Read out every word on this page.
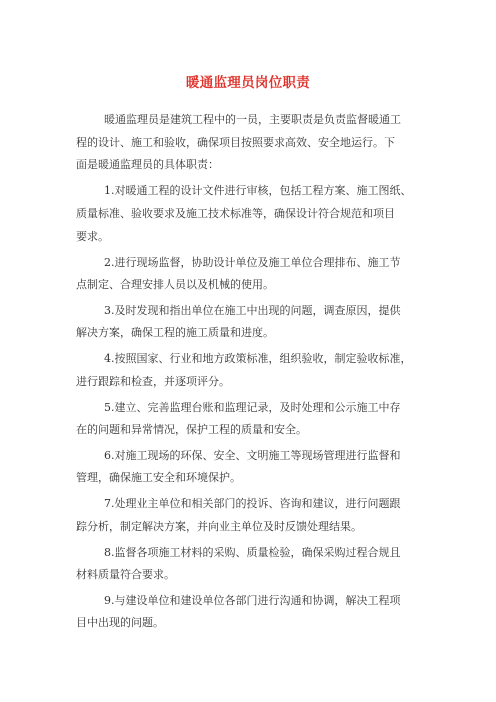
暖通监理员岗位职责
暖通监理员是建筑工程中的一员，主要职责是负责监督暖通工
程的设计、施工和验收，确保项目按照要求高效、安全地运行。下
面是暖通监理员的具体职责：
1.对暖通工程的设计文件进行审核，包括工程方案、施工图纸、
质量标准、验收要求及施工技术标准等，确保设计符合规范和项目
要求。
2.进行现场监督，协助设计单位及施工单位合理排布、施工节
点制定、合理安排人员以及机械的使用。
3.及时发现和指出单位在施工中出现的问题，调查原因，提供
解决方案，确保工程的施工质量和进度。
4.按照国家、行业和地方政策标准，组织验收，制定验收标准，
进行跟踪和检查，并逐项评分。
5.建立、完善监理台账和监理记录，及时处理和公示施工中存
在的问题和异常情况，保护工程的质量和安全。
6.对施工现场的环保、安全、文明施工等现场管理进行监督和
管理，确保施工安全和环境保护。
7.处理业主单位和相关部门的投诉、咨询和建议，进行问题跟
踪分析，制定解决方案，并向业主单位及时反馈处理结果。
8.监督各项施工材料的采购、质量检验，确保采购过程合规且
材料质量符合要求。
9.与建设单位和建设单位各部门进行沟通和协调，解决工程项
目中出现的问题。
